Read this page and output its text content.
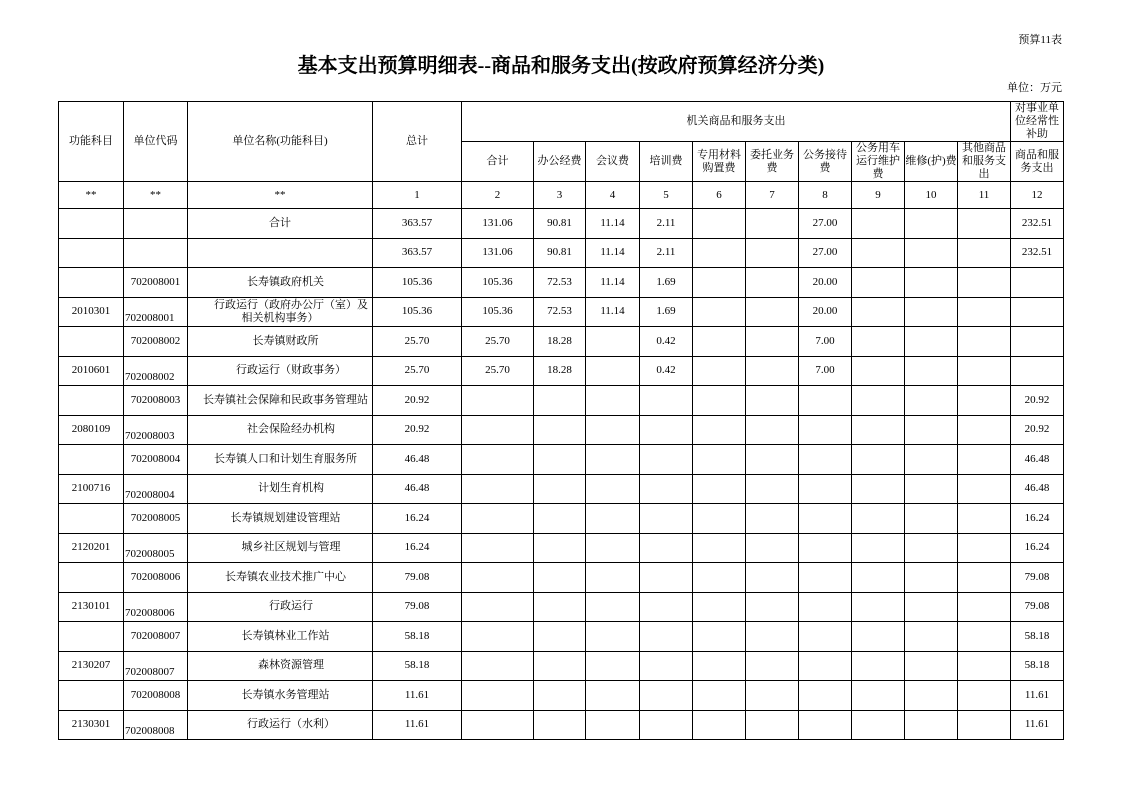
预算11表
基本支出预算明细表--商品和服务支出(按政府预算经济分类)
单位：万元
功能科目	单位代码	单位名称(功能科目)	总计	机关商品和服务支出										对事业单位经常性补助
				合计	办公经费	会议费	培训费	专用材料购置费	委托业务费	公务接待费	公务用车运行维护费	维修(护)费	其他商品和服务支出	商品和服务支出
**	**	**	1	2	3	4	5	6	7	8	9	10	11	12
		合计	363.57	131.06	90.81	11.14	2.11			27.00				232.51
			363.57	131.06	90.81	11.14	2.11			27.00				232.51
	702008001	长寿镇政府机关	105.36	105.36	72.53	11.14	1.69			20.00				
2010301	702008001	行政运行（政府办公厅（室）及相关机构事务）	105.36	105.36	72.53	11.14	1.69			20.00				
	702008002	长寿镇财政所	25.70	25.70	18.28		0.42			7.00				
2010601	702008002	行政运行（财政事务）	25.70	25.70	18.28		0.42			7.00				
	702008003	长寿镇社会保障和民政事务管理站	20.92											20.92
2080109	702008003	社会保险经办机构	20.92											20.92
	702008004	长寿镇人口和计划生育服务所	46.48											46.48
2100716	702008004	计划生育机构	46.48											46.48
	702008005	长寿镇规划建设管理站	16.24											16.24
2120201	702008005	城乡社区规划与管理	16.24											16.24
	702008006	长寿镇农业技术推广中心	79.08											79.08
2130101	702008006	行政运行	79.08											79.08
	702008007	长寿镇林业工作站	58.18											58.18
2130207	702008007	森林资源管理	58.18											58.18
	702008008	长寿镇水务管理站	11.61											11.61
2130301	702008008	行政运行（水利）	11.61											11.61
